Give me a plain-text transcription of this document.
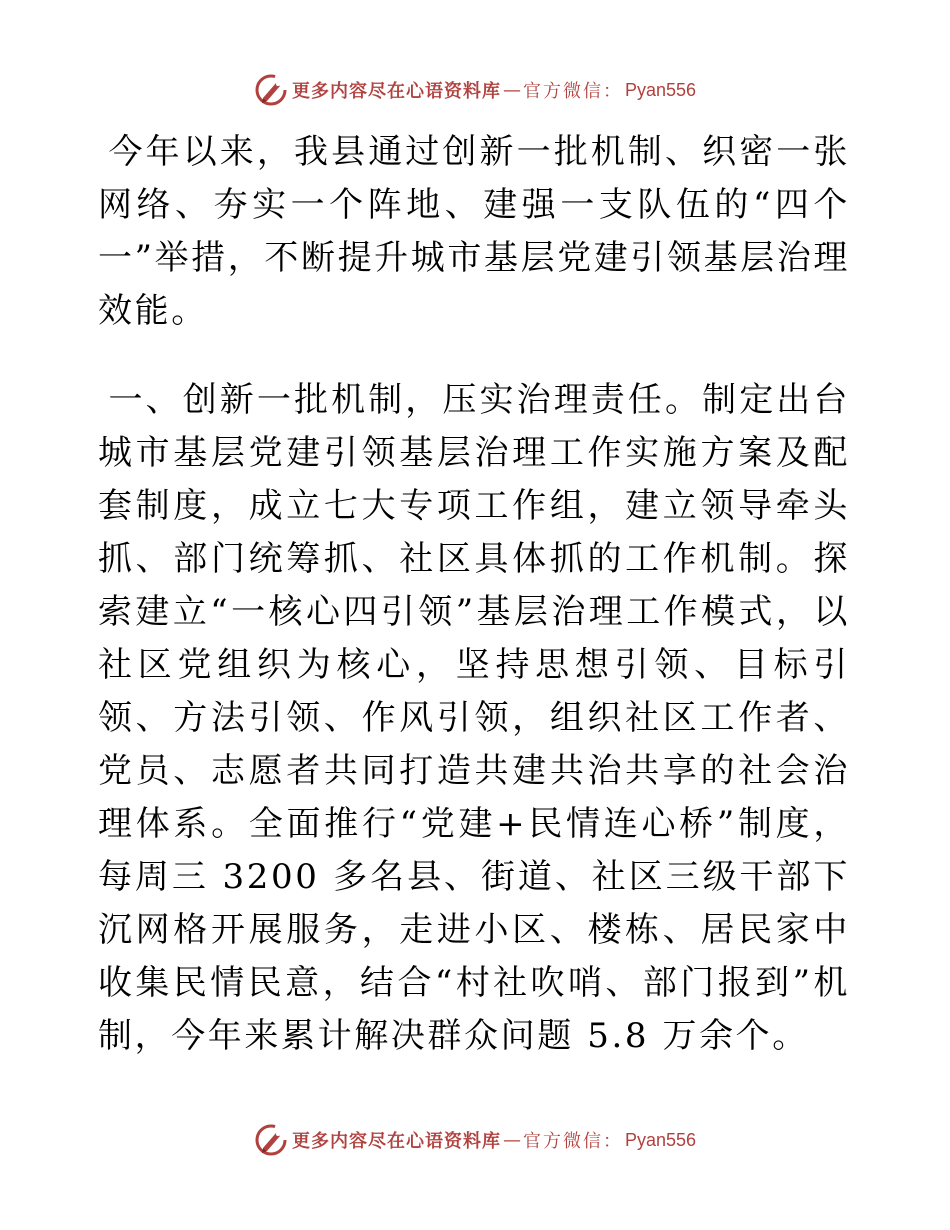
更多内容尽在心语资料库 — 官方微信： Pyan556

今年以来，我县通过创新一批机制、织密一张网络、夯实一个阵地、建强一支队伍的“四个一”举措，不断提升城市基层党建引领基层治理效能。

一、创新一批机制，压实治理责任。制定出台城市基层党建引领基层治理工作实施方案及配套制度，成立七大专项工作组，建立领导牵头抓、部门统筹抓、社区具体抓的工作机制。探索建立“一核心四引领”基层治理工作模式，以社区党组织为核心，坚持思想引领、目标引领、方法引领、作风引领，组织社区工作者、党员、志愿者共同打造共建共治共享的社会治理体系。全面推行“党建+民情连心桥”制度，每周三 3200 多名县、街道、社区三级干部下沉网格开展服务，走进小区、楼栋、居民家中收集民情民意，结合“村社吹哨、部门报到”机制，今年来累计解决群众问题 5.8 万余个。

更多内容尽在心语资料库 — 官方微信： Pyan556
